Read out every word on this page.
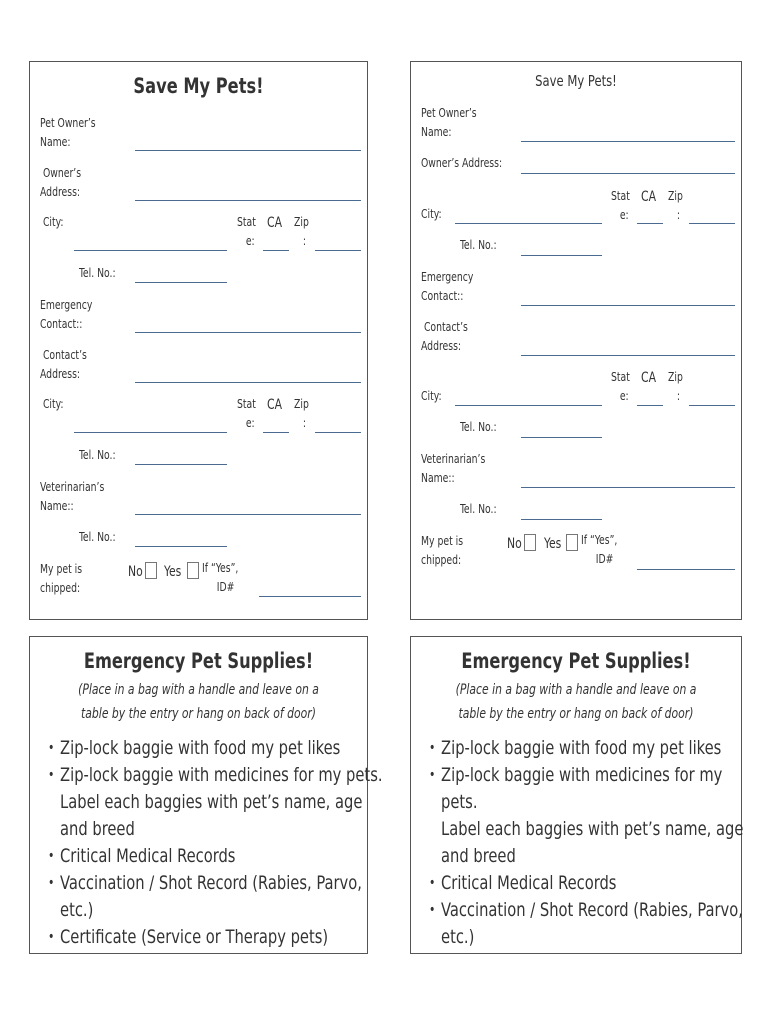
Save My Pets!
Pet Owner’s
Name:
Owner’s
Address:
City:	Stat
e:
CA Zip
:
Tel. No.:
Emergency
Contact::
Contact’s
Address:
City:	Stat
e:
CA Zip
:
Tel. No.:
Veterinarian’s
Name::
Tel. No.:
My pet is
chipped:
No Yes If “Yes”,
ID#
Save My Pets!
Pet Owner’s
Name:
Owner’s Address:
Stat
e:
CA Zip
:
City:
Tel. No.:
Emergency
Contact::
Contact’s
Address:
Stat
e:
CA Zip
:
City:
Tel. No.:
Veterinarian’s
Name::
Tel. No.:
My pet is
chipped:
No Yes If “Yes”,
ID#
Emergency Pet Supplies!
(Place in a bag with a handle and leave on a
table by the entry or hang on back of door)
• Zip-lock baggie with food my pet likes
• Zip-lock baggie with medicines for my pets.
Label each baggies with pet’s name, age
and breed
• Critical Medical Records
• Vaccination / Shot Record (Rabies, Parvo,
etc.)
• Certificate (Service or Therapy pets)
Emergency Pet Supplies!
(Place in a bag with a handle and leave on a
table by the entry or hang on back of door)
• Zip-lock baggie with food my pet likes
• Zip-lock baggie with medicines for my
pets.
Label each baggies with pet’s name, age
and breed
• Critical Medical Records
• Vaccination / Shot Record (Rabies, Parvo,
etc.)
